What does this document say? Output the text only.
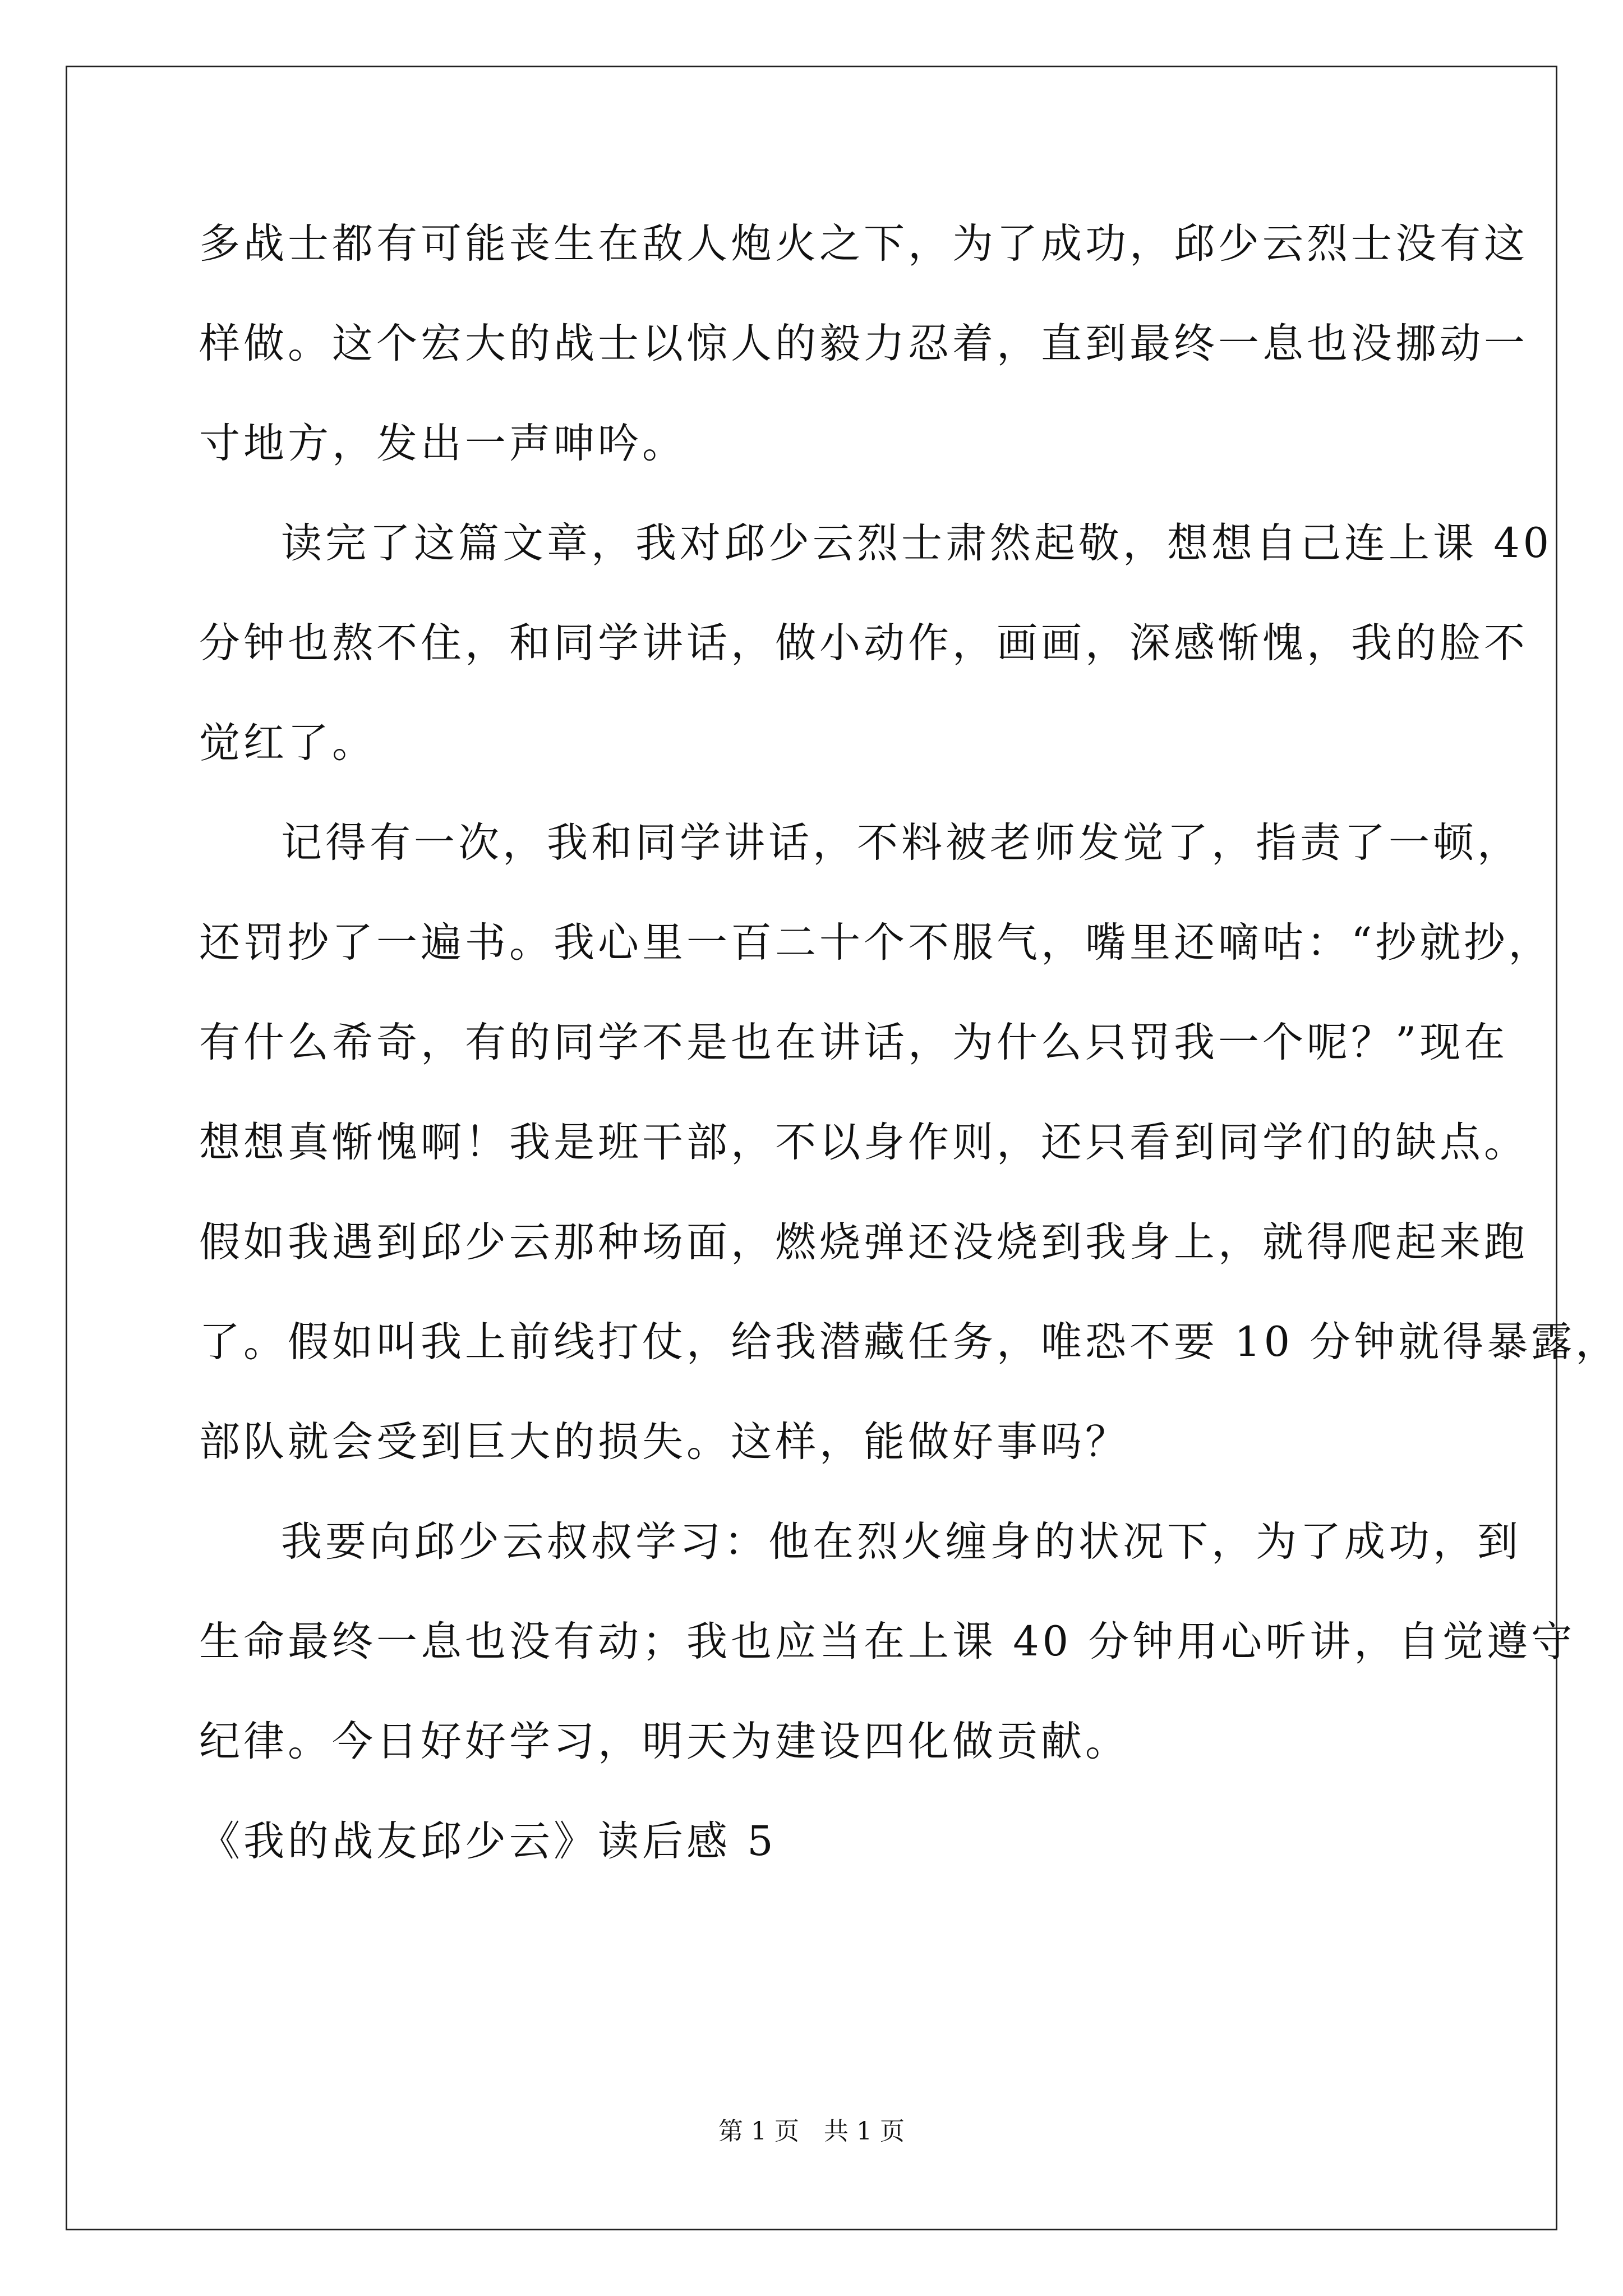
多战士都有可能丧生在敌人炮火之下，为了成功，邱少云烈士没有这
样做。这个宏大的战士以惊人的毅力忍着，直到最终一息也没挪动一
寸地方，发出一声呻吟。
读完了这篇文章，我对邱少云烈士肃然起敬，想想自己连上课 40
分钟也熬不住，和同学讲话，做小动作，画画，深感惭愧，我的脸不
觉红了。
记得有一次，我和同学讲话，不料被老师发觉了，指责了一顿，
还罚抄了一遍书。我心里一百二十个不服气，嘴里还嘀咕：“抄就抄，
有什么希奇，有的同学不是也在讲话，为什么只罚我一个呢？”现在
想想真惭愧啊！我是班干部，不以身作则，还只看到同学们的缺点。
假如我遇到邱少云那种场面，燃烧弹还没烧到我身上，就得爬起来跑
了。假如叫我上前线打仗，给我潜藏任务，唯恐不要 10 分钟就得暴露，
部队就会受到巨大的损失。这样，能做好事吗？
我要向邱少云叔叔学习：他在烈火缠身的状况下，为了成功，到
生命最终一息也没有动；我也应当在上课 40 分钟用心听讲，自觉遵守
纪律。今日好好学习，明天为建设四化做贡献。
《我的战友邱少云》读后感 5
第 1 页　共 1 页
